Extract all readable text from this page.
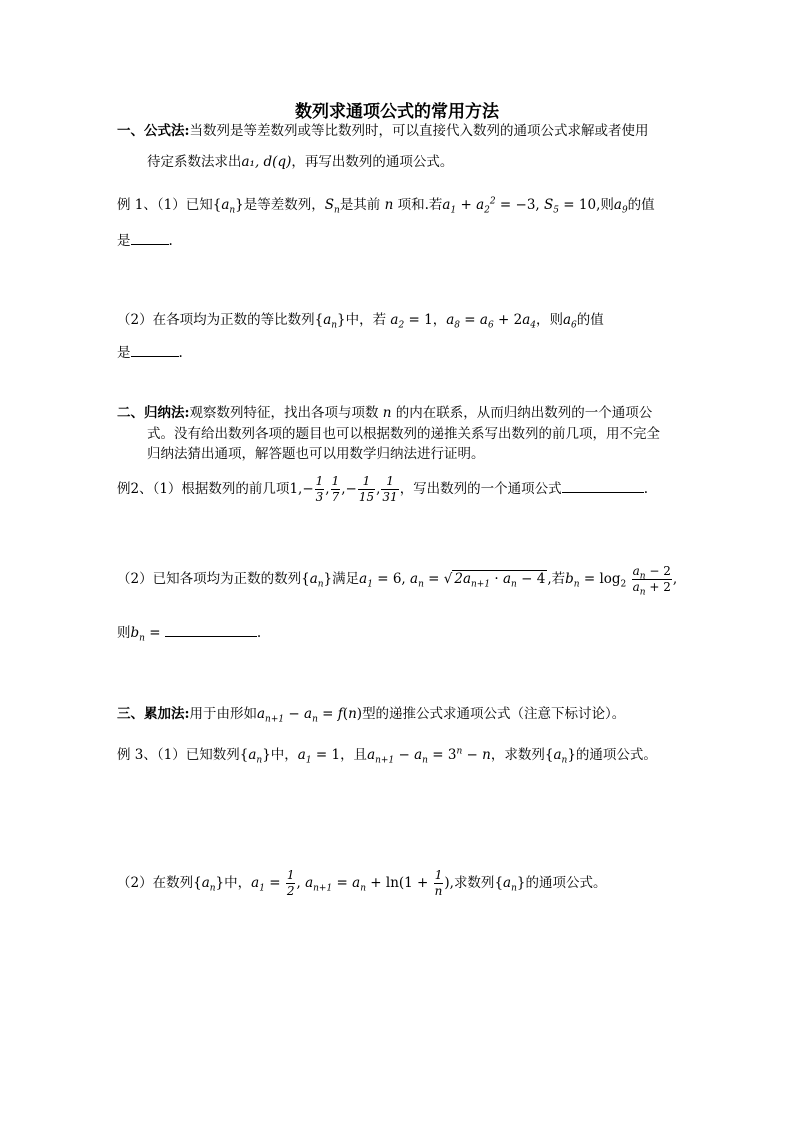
数列求通项公式的常用方法
一、公式法:当数列是等差数列或等比数列时，可以直接代入数列的通项公式求解或者使用
待定系数法求出a₁, d(q)，再写出数列的通项公式。
例 1、（1）已知$\{a_n\}$是等差数列，$S_n$是其前 n 项和.若$a_1 + a_2^2 = -3$, $S_5 = 10$,则$a_9$的值
是	.
（2）在各项均为正数的等比数列$\{a_n\}$中，若 $a_2 = 1$，$a_8 = a_6 + 2a_4$，则$a_6$的值
是	.
二、归纳法:观察数列特征，找出各项与项数 n 的内在联系，从而归纳出数列的一个通项公
式。没有给出数列各项的题目也可以根据数列的递推关系写出数列的前几项，用不完全
归纳法猜出通项，解答题也可以用数学归纳法进行证明。
例2、（1）根据数列的前几项$1,- \frac{1}{3}$ , $\frac{1}{7}$ ,− $\frac{1}{15}$ , $\frac{1}{31}$ ，写出数列的一个通项公式	.
（2）已知各项均为正数的数列$\{a_n\}$满足$a_1 = 6$, $a_n$ = √ $2a_{n+1} \cdot a_n - 4$ ,若$b_n = \log_2 \frac{a_n - 2}{a_n + 2}$ ,
则$b_n$ =	.
三、累加法:用于由形如$a_{n+1} - a_n = f(n)$型的递推公式求通项公式（注意下标讨论）。
例 3、（1）已知数列$\{a_n\}$中，$a_1 = 1$，且$a_{n+1} - a_n = 3^n - n$，求数列$\{a_n\}$的通项公式。
（2）在数列$\{a_n\}$中，$a_1 = \frac{1}{2}$ , $a_{n+1} = a_n + \ln(1 + \frac{1}{n}$ ),求数列$\{a_n\}$的通项公式。
